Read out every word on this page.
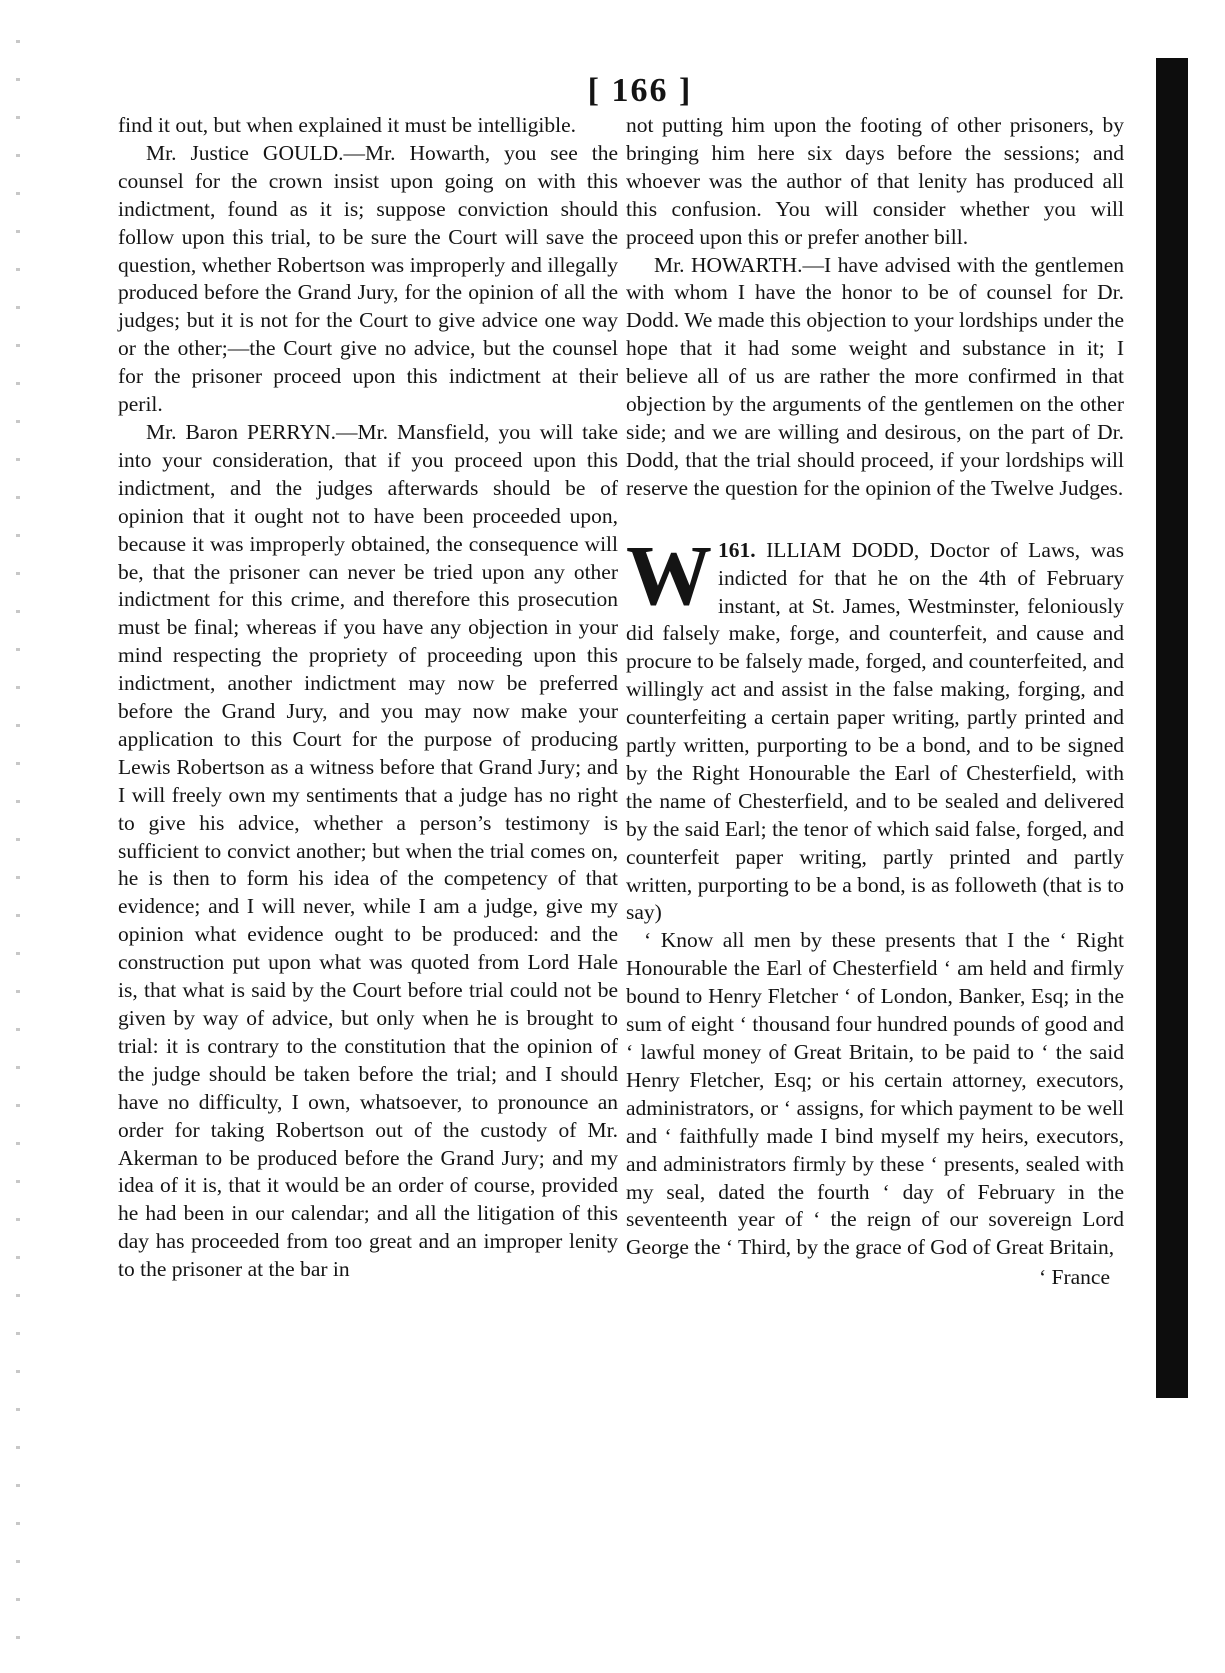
[ 166 ]

find it out, but when explained it must be intelligible.

Mr. Justice GOULD.—Mr. Howarth, you see the counsel for the crown insist upon going on with this indictment, found as it is; suppose conviction should follow upon this trial, to be sure the Court will save the question, whether Robertson was improperly and illegally produced before the Grand Jury, for the opinion of all the judges; but it is not for the Court to give advice one way or the other;—the Court give no advice, but the counsel for the prisoner proceed upon this indictment at their peril.

Mr. Baron PERRYN.—Mr. Mansfield, you will take into your consideration, that if you proceed upon this indictment, and the judges afterwards should be of opinion that it ought not to have been proceeded upon, because it was improperly obtained, the consequence will be, that the prisoner can never be tried upon any other indictment for this crime, and therefore this prosecution must be final; whereas if you have any objection in your mind respecting the propriety of proceeding upon this indictment, another indictment may now be preferred before the Grand Jury, and you may now make your application to this Court for the purpose of producing Lewis Robertson as a witness before that Grand Jury; and I will freely own my sentiments that a judge has no right to give his advice, whether a person’s testimony is sufficient to convict another; but when the trial comes on, he is then to form his idea of the competency of that evidence; and I will never, while I am a judge, give my opinion what evidence ought to be produced: and the construction put upon what was quoted from Lord Hale is, that what is said by the Court before trial could not be given by way of advice, but only when he is brought to trial: it is contrary to the constitution that the opinion of the judge should be taken before the trial; and I should have no difficulty, I own, whatsoever, to pronounce an order for taking Robertson out of the custody of Mr. Akerman to be produced before the Grand Jury; and my idea of it is, that it would be an order of course, provided he had been in our calendar; and all the litigation of this day has proceeded from too great and an improper lenity to the prisoner at the bar in

not putting him upon the footing of other prisoners, by bringing him here six days before the sessions; and whoever was the author of that lenity has produced all this confusion. You will consider whether you will proceed upon this or prefer another bill.

Mr. HOWARTH.—I have advised with the gentlemen with whom I have the honor to be of counsel for Dr. Dodd. We made this objection to your lordships under the hope that it had some weight and substance in it; I believe all of us are rather the more confirmed in that objection by the arguments of the gentlemen on the other side; and we are willing and desirous, on the part of Dr. Dodd, that the trial should proceed, if your lordships will reserve the question for the opinion of the Twelve Judges.

161.
W	ILLIAM DODD, Doctor of Laws, was indicted for that he on the 4th of February instant, at St. James, Westminster, feloniously did falsely make, forge, and counterfeit, and cause and procure to be falsely made, forged, and counterfeited, and willingly act and assist in the false making, forging, and counterfeiting a certain paper writing, partly printed and partly written, purporting to be a bond, and to be signed by the Right Honourable the Earl of Chesterfield, with the name of Chesterfield, and to be sealed and delivered by the said Earl; the tenor of which said false, forged, and counterfeit paper writing, partly printed and partly written, purporting to be a bond, is as followeth (that is to say)

‘ Know all men by these presents that I the ‘ Right Honourable the Earl of Chesterfield ‘ am held and firmly bound to Henry Fletcher ‘ of London, Banker, Esq; in the sum of eight ‘ thousand four hundred pounds of good and ‘ lawful money of Great Britain, to be paid to ‘ the said Henry Fletcher, Esq; or his certain attorney, executors, administrators, or ‘ assigns, for which payment to be well and ‘ faithfully made I bind myself my heirs, executors, and administrators firmly by these ‘ presents, sealed with my seal, dated the fourth ‘ day of February in the seventeenth year of ‘ the reign of our sovereign Lord George the ‘ Third, by the grace of God of Great Britain,

‘ France
